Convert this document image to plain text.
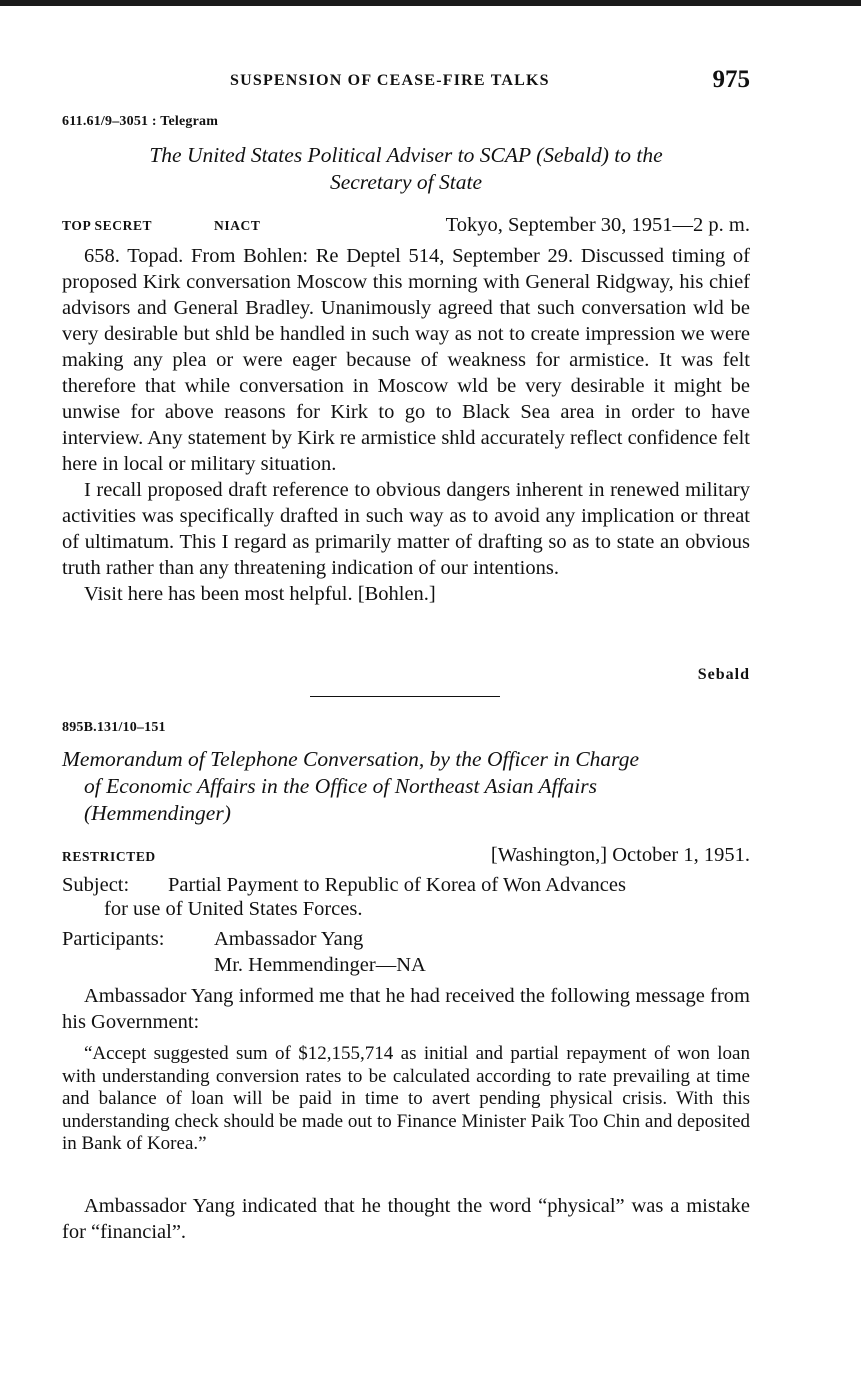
SUSPENSION OF CEASE-FIRE TALKS	975
611.61/9–3051 : Telegram
The United States Political Adviser to SCAP (Sebald) to the
Secretary of State
TOP SECRET	NIACT	Tokyo, September 30, 1951—2 p. m.

658. Topad. From Bohlen: Re Deptel 514, September 29. Discussed timing of proposed Kirk conversation Moscow this morning with General Ridgway, his chief advisors and General Bradley. Unanimously agreed that such conversation wld be very desirable but shld be handled in such way as not to create impression we were making any plea or were eager because of weakness for armistice. It was felt therefore that while conversation in Moscow wld be very desirable it might be unwise for above reasons for Kirk to go to Black Sea area in order to have interview. Any statement by Kirk re armistice shld accurately reflect confidence felt here in local or military situation.

I recall proposed draft reference to obvious dangers inherent in renewed military activities was specifically drafted in such way as to avoid any implication or threat of ultimatum. This I regard as primarily matter of drafting so as to state an obvious truth rather than any threatening indication of our intentions.

Visit here has been most helpful. [Bohlen.]

Sebald
895B.131/10–151
Memorandum of Telephone Conversation, by the Officer in Charge
of Economic Affairs in the Office of Northeast Asian Affairs
(Hemmendinger)
RESTRICTED	[Washington,] October 1, 1951.
Subject: Partial Payment to Republic of Korea of Won Advances
for use of United States Forces.
Participants: Ambassador Yang
Mr. Hemmendinger—NA

Ambassador Yang informed me that he had received the following message from his Government:

“Accept suggested sum of $12,155,714 as initial and partial repayment of won loan with understanding conversion rates to be calculated according to rate prevailing at time and balance of loan will be paid in time to avert pending physical crisis. With this understanding check should be made out to Finance Minister Paik Too Chin and deposited in Bank of Korea.”

Ambassador Yang indicated that he thought the word “physical” was a mistake for “financial”.
